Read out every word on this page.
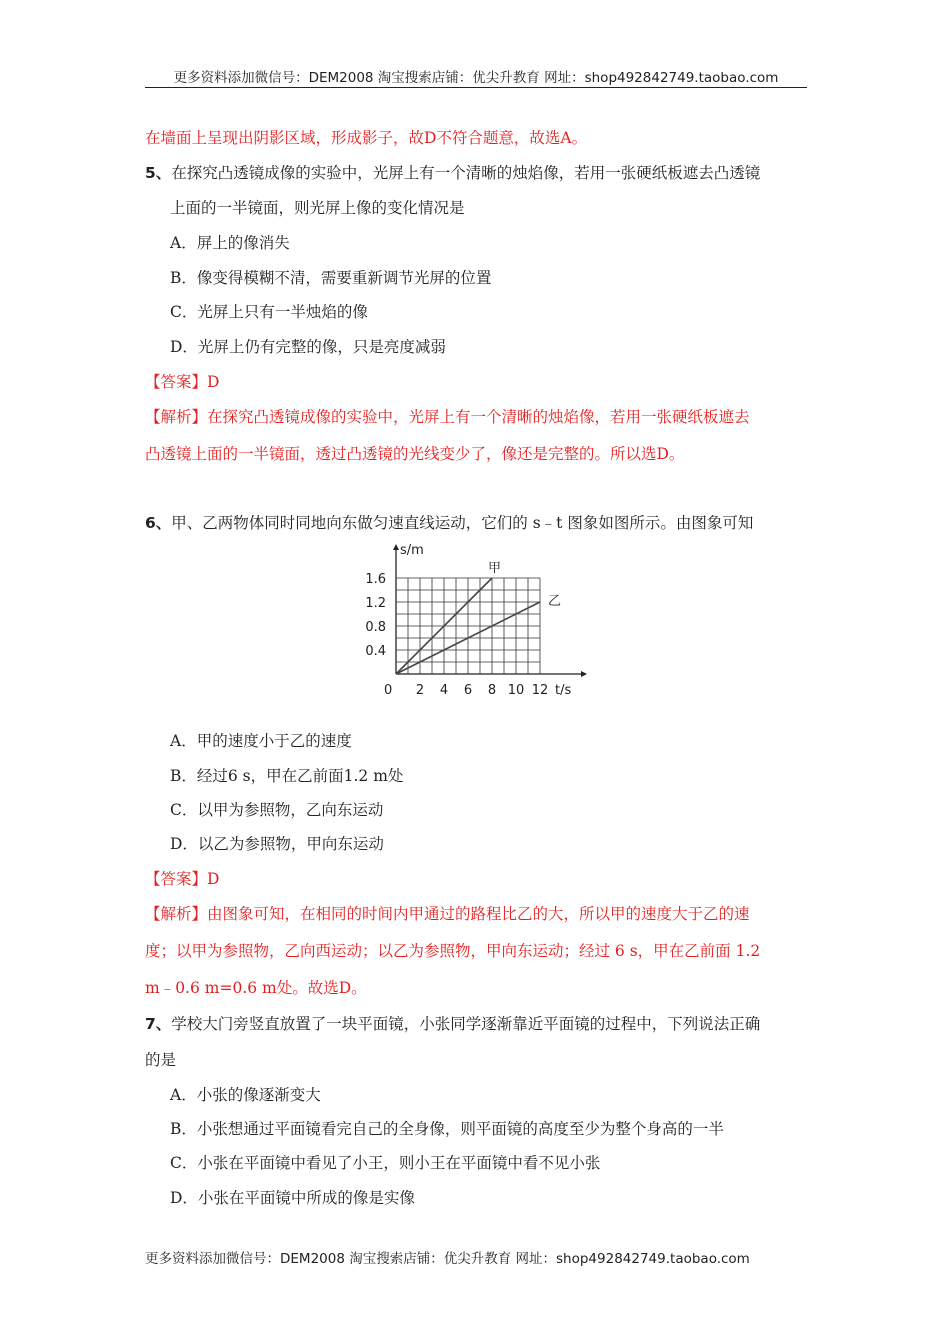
更多资料添加微信号：DEM2008 淘宝搜索店铺：优尖升教育 网址：shop492842749.taobao.com
在墙面上呈现出阴影区域，形成影子，故D不符合题意，故选A。
5、在探究凸透镜成像的实验中，光屏上有一个清晰的烛焰像，若用一张硬纸板遮去凸透镜
上面的一半镜面，则光屏上像的变化情况是
A．屏上的像消失
B．像变得模糊不清，需要重新调节光屏的位置
C．光屏上只有一半烛焰的像
D．光屏上仍有完整的像，只是亮度减弱
【答案】D
【解析】在探究凸透镜成像的实验中，光屏上有一个清晰的烛焰像，若用一张硬纸板遮去
凸透镜上面的一半镜面，透过凸透镜的光线变少了，像还是完整的。所以选D。
6、甲、乙两物体同时同地向东做匀速直线运动，它们的 s﹣t 图象如图所示。由图象可知
2 4 6 8 10 12
0.4
0.8
1.2
1.6
甲
乙
s/m
t/s
0
A．甲的速度小于乙的速度
B．经过6 s，甲在乙前面1.2 m处
C．以甲为参照物，乙向东运动
D．以乙为参照物，甲向东运动
【答案】D
【解析】由图象可知，在相同的时间内甲通过的路程比乙的大，所以甲的速度大于乙的速
度；以甲为参照物，乙向西运动；以乙为参照物，甲向东运动；经过 6 s，甲在乙前面 1.2
m﹣0.6 m=0.6 m处。故选D。
7、学校大门旁竖直放置了一块平面镜，小张同学逐渐靠近平面镜的过程中，下列说法正确
的是
A．小张的像逐渐变大
B．小张想通过平面镜看完自己的全身像，则平面镜的高度至少为整个身高的一半
C．小张在平面镜中看见了小王，则小王在平面镜中看不见小张
D．小张在平面镜中所成的像是实像
更多资料添加微信号：DEM2008 淘宝搜索店铺：优尖升教育 网址：shop492842749.taobao.com
